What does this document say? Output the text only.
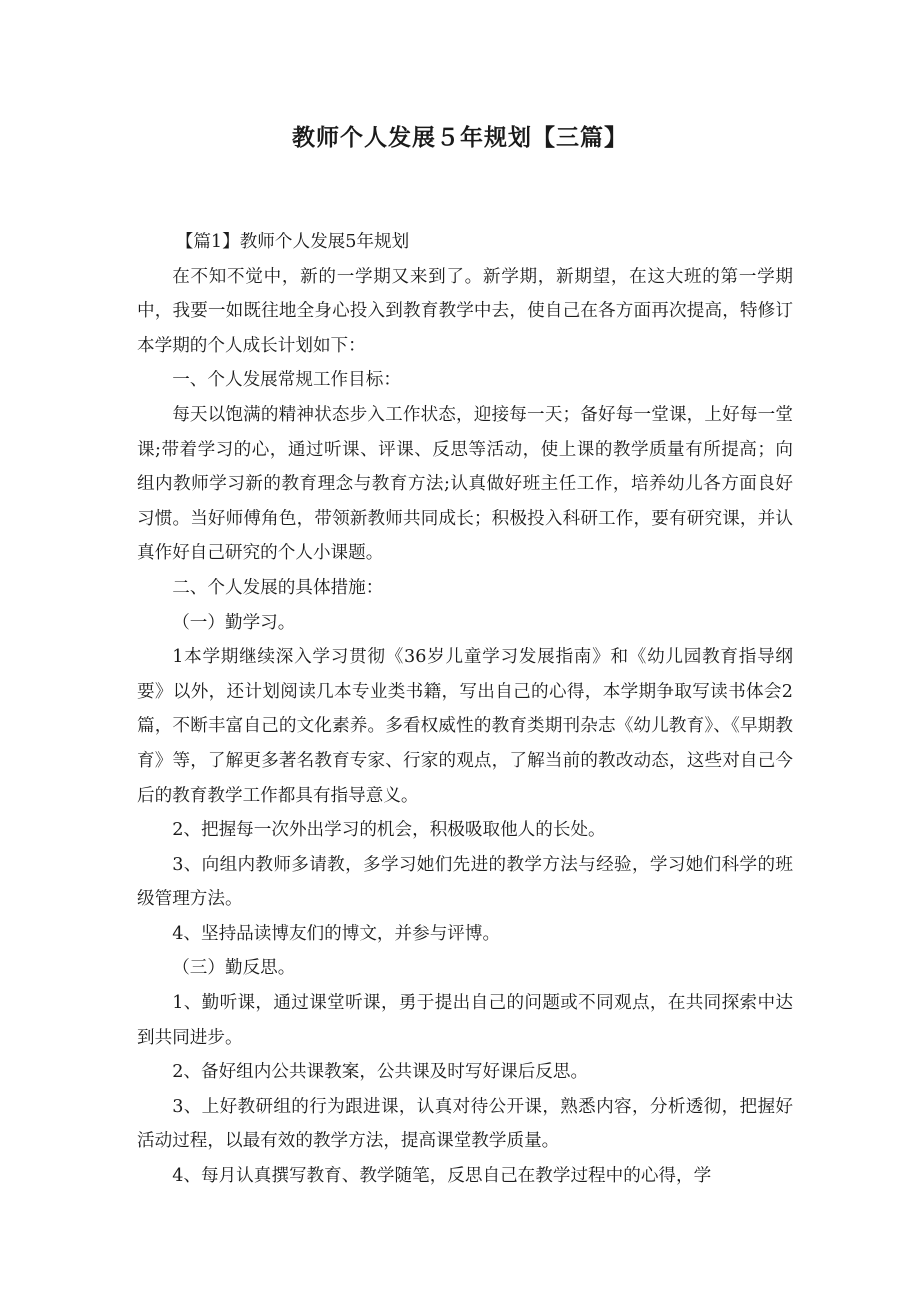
教师个人发展５年规划【三篇】

【篇1】教师个人发展5年规划

在不知不觉中，新的一学期又来到了。新学期，新期望，在这大班的第一学期中，我要一如既往地全身心投入到教育教学中去，使自己在各方面再次提高，特修订本学期的个人成长计划如下：

一、个人发展常规工作目标：

每天以饱满的精神状态步入工作状态，迎接每一天；备好每一堂课，上好每一堂课;带着学习的心，通过听课、评课、反思等活动，使上课的教学质量有所提高；向组内教师学习新的教育理念与教育方法;认真做好班主任工作，培养幼儿各方面良好习惯。当好师傅角色，带领新教师共同成长；积极投入科研工作，要有研究课，并认真作好自己研究的个人小课题。

二、个人发展的具体措施：

（一）勤学习。

1本学期继续深入学习贯彻《36岁儿童学习发展指南》和《幼儿园教育指导纲要》以外，还计划阅读几本专业类书籍，写出自己的心得，本学期争取写读书体会2篇，不断丰富自己的文化素养。多看权威性的教育类期刊杂志《幼儿教育》、《早期教育》等，了解更多著名教育专家、行家的观点，了解当前的教改动态，这些对自己今后的教育教学工作都具有指导意义。

2、把握每一次外出学习的机会，积极吸取他人的长处。

3、向组内教师多请教，多学习她们先进的教学方法与经验，学习她们科学的班级管理方法。

4、坚持品读博友们的博文，并参与评博。

（三）勤反思。

1、勤听课，通过课堂听课，勇于提出自己的问题或不同观点，在共同探索中达到共同进步。

2、备好组内公共课教案，公共课及时写好课后反思。

3、上好教研组的行为跟进课，认真对待公开课，熟悉内容，分析透彻，把握好活动过程，以最有效的教学方法，提高课堂教学质量。

4、每月认真撰写教育、教学随笔，反思自己在教学过程中的心得，学
